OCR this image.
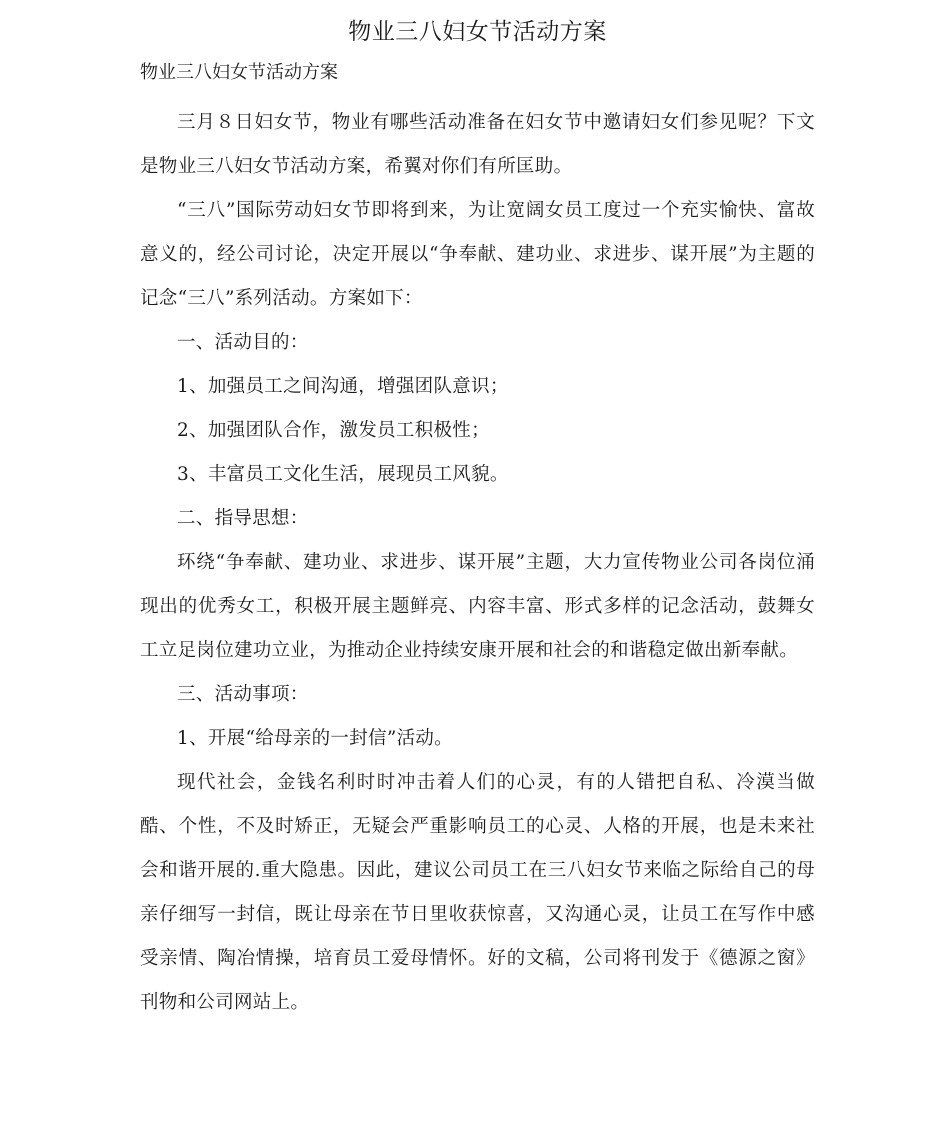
物业三八妇女节活动方案

物业三八妇女节活动方案

三月８日妇女节，物业有哪些活动准备在妇女节中邀请妇女们参见呢？下文是物业三八妇女节活动方案，希翼对你们有所匡助。

“三八”国际劳动妇女节即将到来，为让宽阔女员工度过一个充实愉快、富故意义的，经公司讨论，决定开展以“争奉献、建功业、求进步、谋开展”为主题的记念“三八”系列活动。方案如下：

一、活动目的：

1、加强员工之间沟通，增强团队意识；

2、加强团队合作，激发员工积极性；

3、丰富员工文化生活，展现员工风貌。

二、指导思想：

环绕“争奉献、建功业、求进步、谋开展”主题，大力宣传物业公司各岗位涌现出的优秀女工，积极开展主题鲜亮、内容丰富、形式多样的记念活动，鼓舞女工立足岗位建功立业，为推动企业持续安康开展和社会的和谐稳定做出新奉献。

三、活动事项：

1、开展“给母亲的一封信”活动。

现代社会，金钱名利时时冲击着人们的心灵，有的人错把自私、冷漠当做酷、个性，不及时矫正，无疑会严重影响员工的心灵、人格的开展，也是未来社会和谐开展的.重大隐患。因此，建议公司员工在三八妇女节来临之际给自己的母亲仔细写一封信，既让母亲在节日里收获惊喜，又沟通心灵，让员工在写作中感受亲情、陶冶情操，培育员工爱母情怀。好的文稿，公司将刊发于《德源之窗》刊物和公司网站上。
